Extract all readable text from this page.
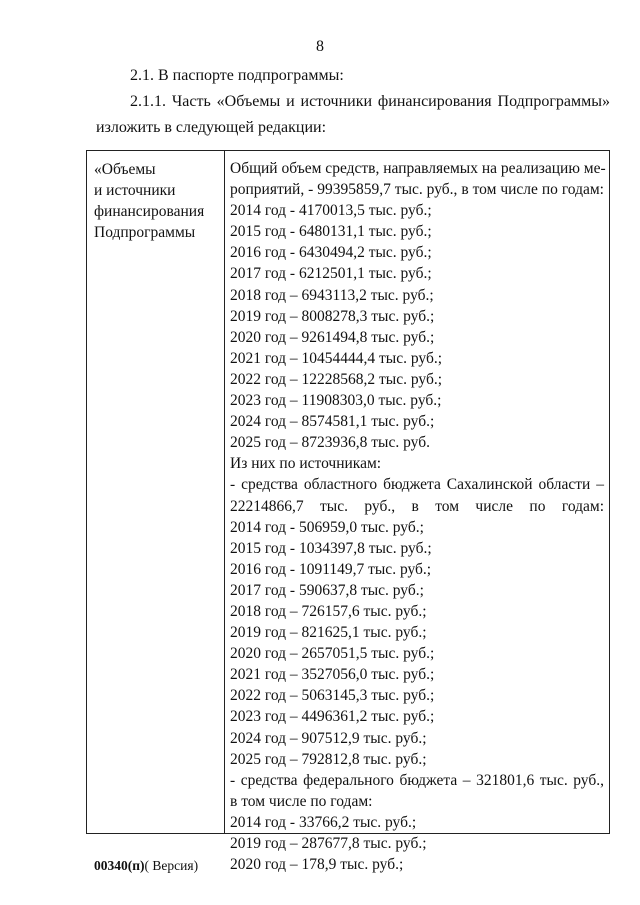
8
2.1. В паспорте подпрограммы:
2.1.1. Часть «Объемы и источники финансирования Подпрограммы»
изложить в следующей редакции:
«Объемы
и источники
финансирования
Подпрограммы
Общий объем средств, направляемых на реализацию ме-
роприятий, - 99395859,7 тыс. руб., в том числе по годам:
2014 год - 4170013,5 тыс. руб.;
2015 год - 6480131,1 тыс. руб.;
2016 год - 6430494,2 тыс. руб.;
2017 год - 6212501,1 тыс. руб.;
2018 год – 6943113,2 тыс. руб.;
2019 год – 8008278,3 тыс. руб.;
2020 год – 9261494,8 тыс. руб.;
2021 год – 10454444,4 тыс. руб.;
2022 год – 12228568,2 тыс. руб.;
2023 год – 11908303,0 тыс. руб.;
2024 год – 8574581,1 тыс. руб.;
2025 год – 8723936,8 тыс. руб.
Из них по источникам:
- средства областного бюджета Сахалинской области –
22214866,7 тыс. руб., в том числе по годам:
2014 год - 506959,0 тыс. руб.;
2015 год - 1034397,8 тыс. руб.;
2016 год - 1091149,7 тыс. руб.;
2017 год - 590637,8 тыс. руб.;
2018 год – 726157,6 тыс. руб.;
2019 год – 821625,1 тыс. руб.;
2020 год – 2657051,5 тыс. руб.;
2021 год – 3527056,0 тыс. руб.;
2022 год – 5063145,3 тыс. руб.;
2023 год – 4496361,2 тыс. руб.;
2024 год – 907512,9 тыс. руб.;
2025 год – 792812,8 тыс. руб.;
- средства федерального бюджета – 321801,6 тыс. руб.,
в том числе по годам:
2014 год - 33766,2 тыс. руб.;
2019 год – 287677,8 тыс. руб.;
2020 год – 178,9 тыс. руб.;
00340(п)( Версия)
